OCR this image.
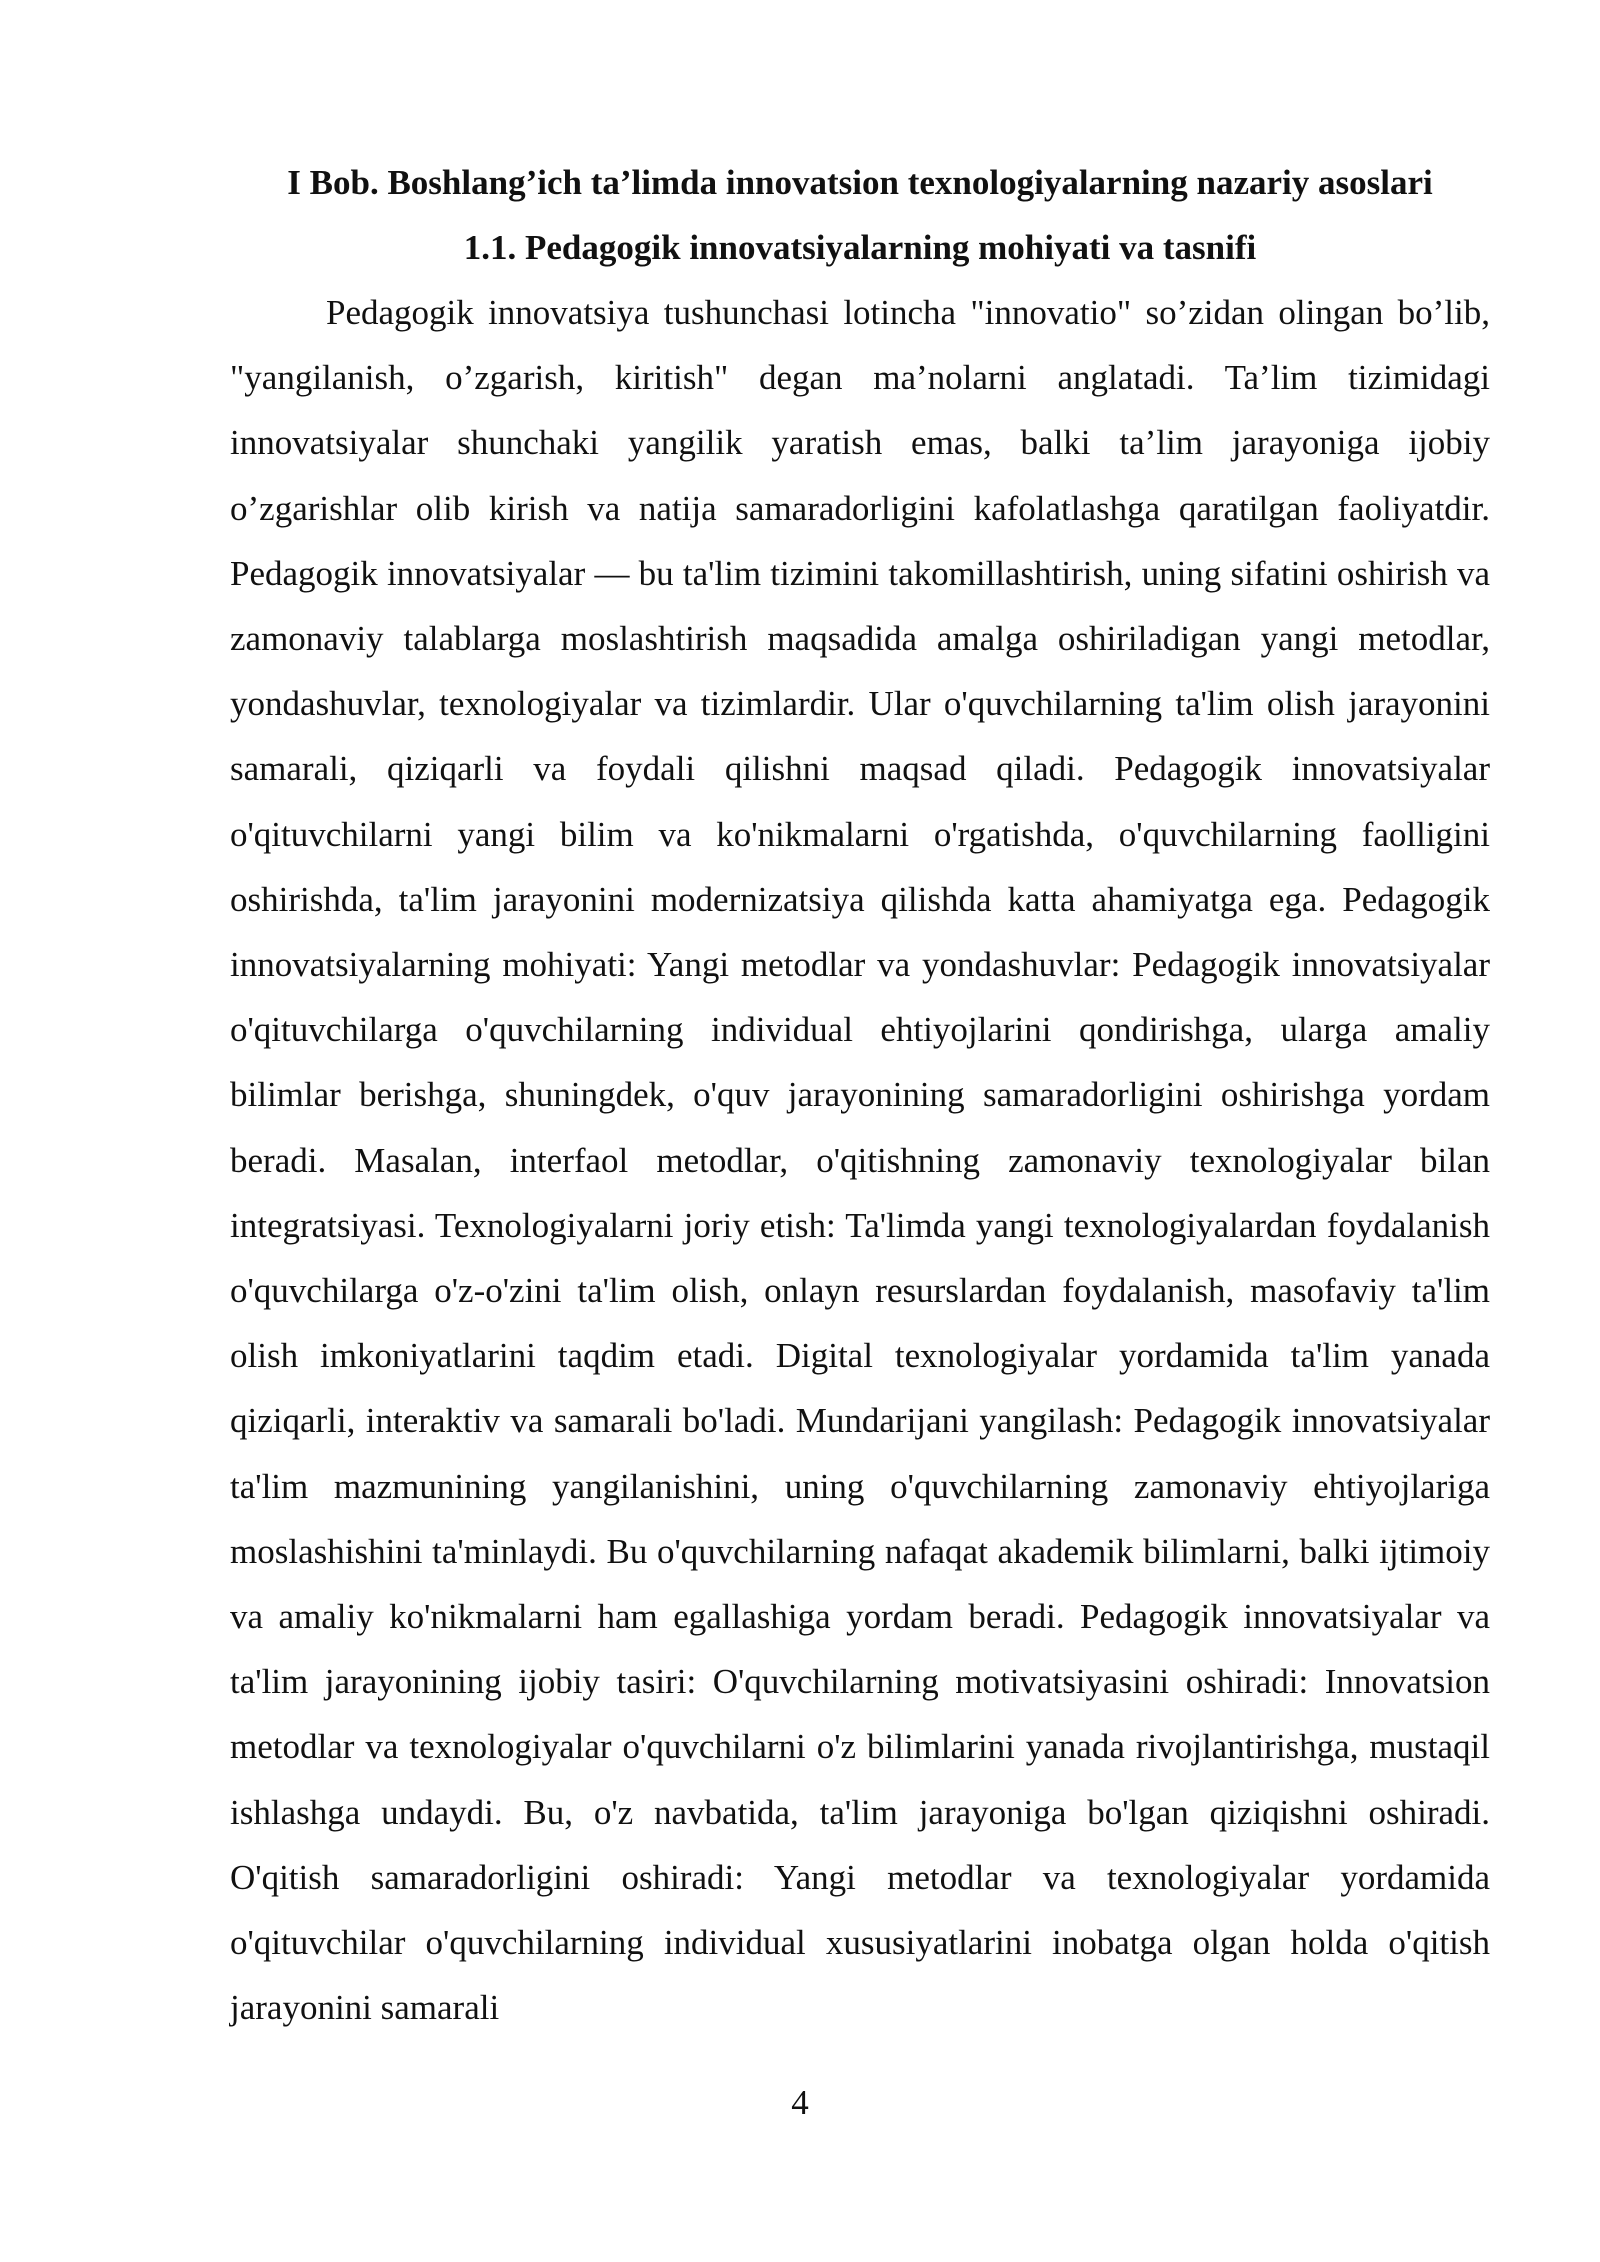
I Bob. Boshlang’ich ta’limda innovatsion texnologiyalarning nazariy asoslari
1.1. Pedagogik innovatsiyalarning mohiyati va tasnifi

Pedagogik innovatsiya tushunchasi lotincha "innovatio" so’zidan olingan bo’lib, "yangilanish, o’zgarish, kiritish" degan ma’nolarni anglatadi. Ta’lim tizimidagi innovatsiyalar shunchaki yangilik yaratish emas, balki ta’lim jarayoniga ijobiy o’zgarishlar olib kirish va natija samaradorligini kafolatlashga qaratilgan faoliyatdir. Pedagogik innovatsiyalar — bu ta'lim tizimini takomillashtirish, uning sifatini oshirish va zamonaviy talablarga moslashtirish maqsadida amalga oshiriladigan yangi metodlar, yondashuvlar, texnologiyalar va tizimlardir. Ular o'quvchilarning ta'lim olish jarayonini samarali, qiziqarli va foydali qilishni maqsad qiladi. Pedagogik innovatsiyalar o'qituvchilarni yangi bilim va ko'nikmalarni o'rgatishda, o'quvchilarning faolligini oshirishda, ta'lim jarayonini modernizatsiya qilishda katta ahamiyatga ega. Pedagogik innovatsiyalarning mohiyati: Yangi metodlar va yondashuvlar: Pedagogik innovatsiyalar o'qituvchilarga o'quvchilarning individual ehtiyojlarini qondirishga, ularga amaliy bilimlar berishga, shuningdek, o'quv jarayonining samaradorligini oshirishga yordam beradi. Masalan, interfaol metodlar, o'qitishning zamonaviy texnologiyalar bilan integratsiyasi. Texnologiyalarni joriy etish: Ta'limda yangi texnologiyalardan foydalanish o'quvchilarga o'z-o'zini ta'lim olish, onlayn resurslardan foydalanish, masofaviy ta'lim olish imkoniyatlarini taqdim etadi. Digital texnologiyalar yordamida ta'lim yanada qiziqarli, interaktiv va samarali bo'ladi. Mundarijani yangilash: Pedagogik innovatsiyalar ta'lim mazmunining yangilanishini, uning o'quvchilarning zamonaviy ehtiyojlariga moslashishini ta'minlaydi. Bu o'quvchilarning nafaqat akademik bilimlarni, balki ijtimoiy va amaliy ko'nikmalarni ham egallashiga yordam beradi. Pedagogik innovatsiyalar va ta'lim jarayonining ijobiy tasiri: O'quvchilarning motivatsiyasini oshiradi: Innovatsion metodlar va texnologiyalar o'quvchilarni o'z bilimlarini yanada rivojlantirishga, mustaqil ishlashga undaydi. Bu, o'z navbatida, ta'lim jarayoniga bo'lgan qiziqishni oshiradi. O'qitish samaradorligini oshiradi: Yangi metodlar va texnologiyalar yordamida o'qituvchilar o'quvchilarning individual xususiyatlarini inobatga olgan holda o'qitish jarayonini samarali

4
